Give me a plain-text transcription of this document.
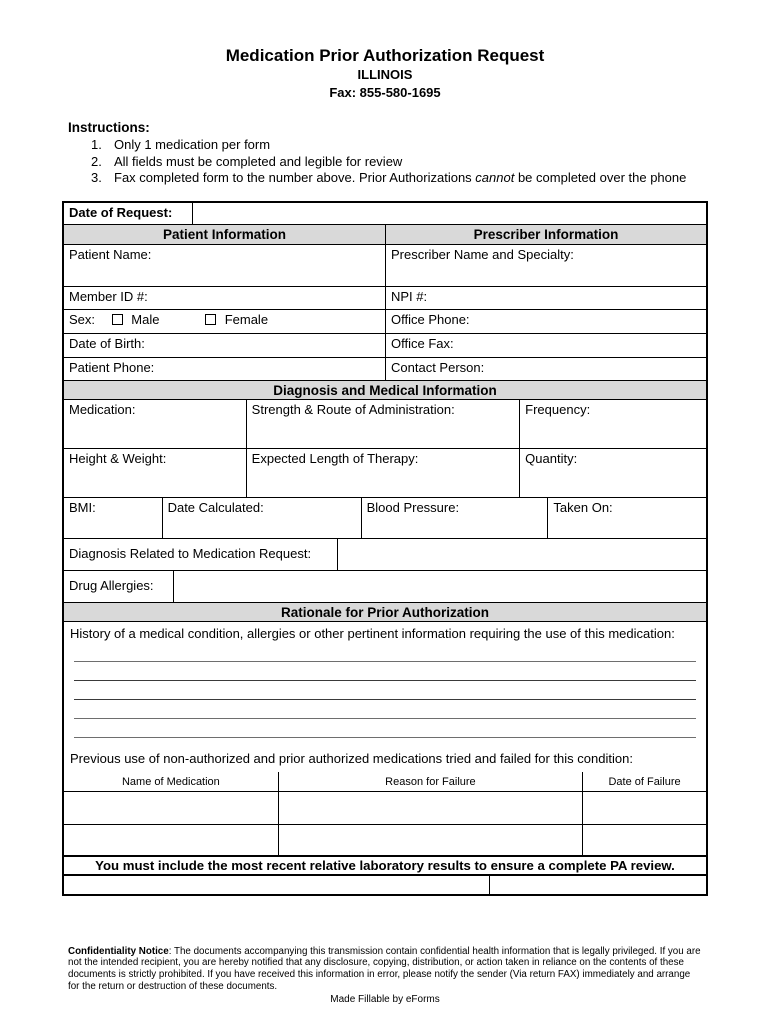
Medication Prior Authorization Request
ILLINOIS
Fax: 855-580-1695
Instructions:
1. Only 1 medication per form
2. All fields must be completed and legible for review
3. Fax completed form to the number above. Prior Authorizations cannot be completed over the phone
Date of Request:
Patient Information	Prescriber Information
Patient Name:	Prescriber Name and Specialty:
Member ID #:	NPI #:
Sex:	Male	Female	Office Phone:
Date of Birth:	Office Fax:
Patient Phone:	Contact Person:
Diagnosis and Medical Information
Medication:	Strength & Route of Administration:	Frequency:
Height & Weight:	Expected Length of Therapy:	Quantity:
BMI:	Date Calculated:	Blood Pressure:	Taken On:
Diagnosis Related to Medication Request:
Drug Allergies:
Rationale for Prior Authorization
History of a medical condition, allergies or other pertinent information requiring the use of this medication:
Previous use of non-authorized and prior authorized medications tried and failed for this condition:
Name of Medication	Reason for Failure	Date of Failure
You must include the most recent relative laboratory results to ensure a complete PA review.
Confidentiality Notice: The documents accompanying this transmission contain confidential health information that is legally privileged. If you are not the intended recipient, you are hereby notified that any disclosure, copying, distribution, or action taken in reliance on the contents of these documents is strictly prohibited. If you have received this information in error, please notify the sender (Via return FAX) immediately and arrange for the return or destruction of these documents.
Made Fillable by eForms
